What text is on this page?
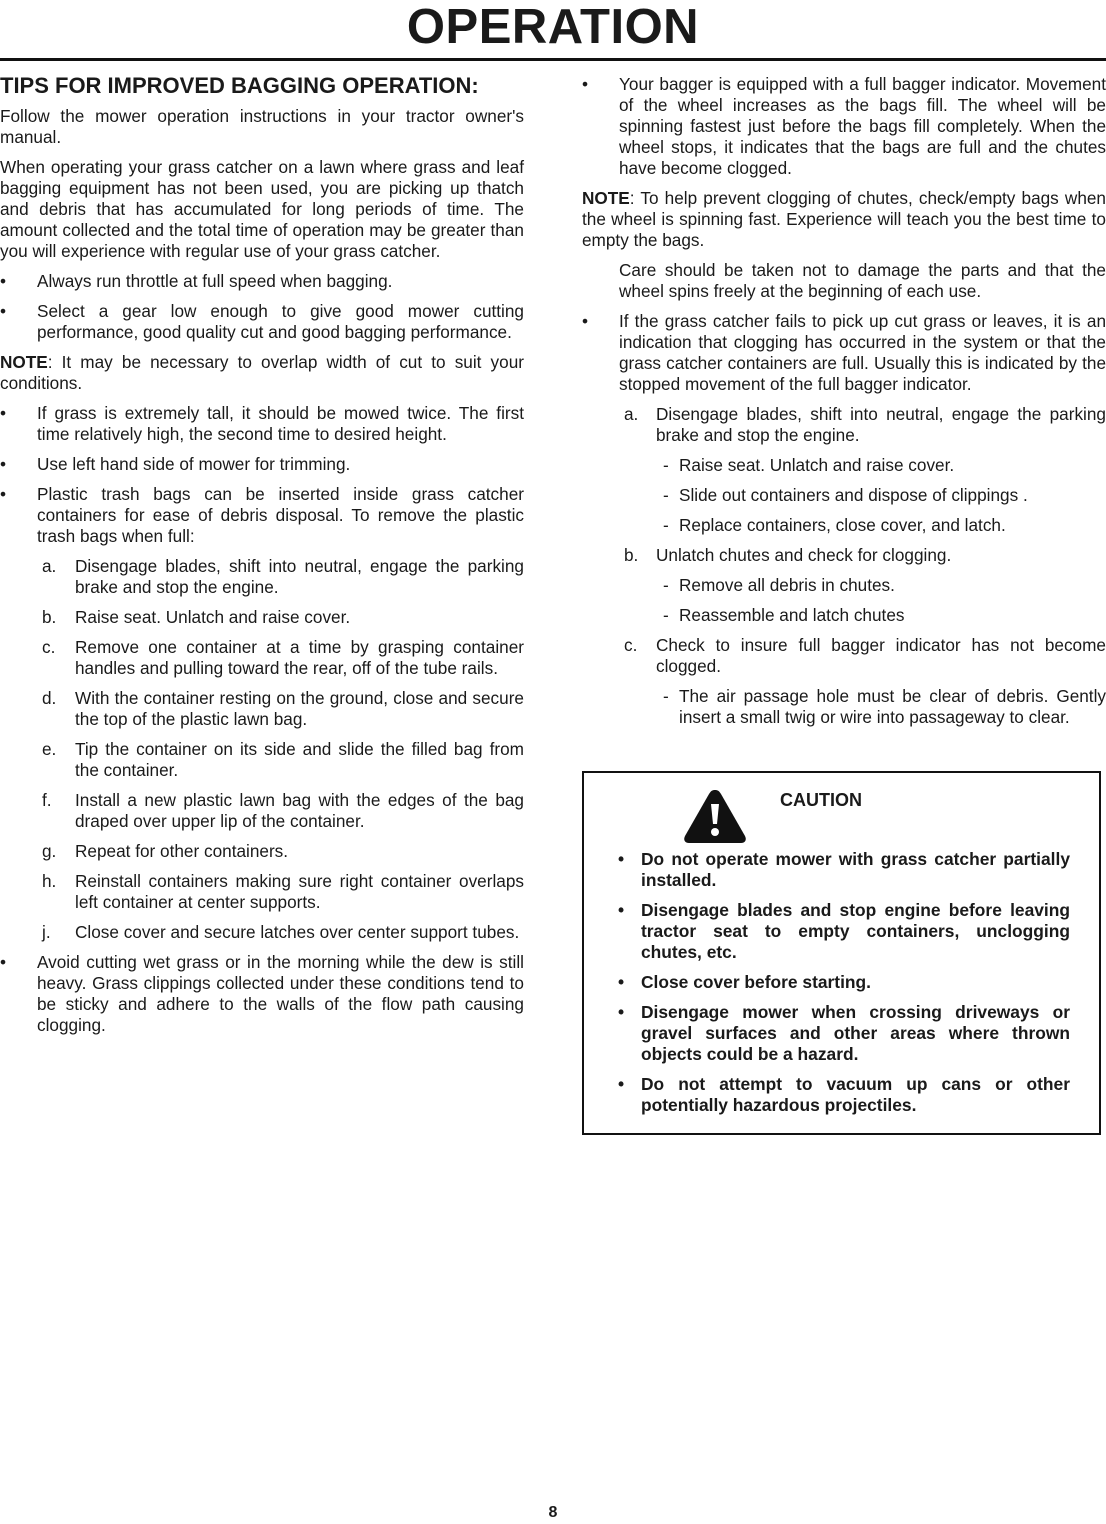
OPERATION
TIPS FOR IMPROVED BAGGING OPERATION:

Follow the mower operation instructions in your tractor owner's manual.

When operating your grass catcher on a lawn where grass and leaf bagging equipment has not been used, you are picking up thatch and debris that has accumulated for long periods of time. The amount collected and the total time of operation may be greater than you will experience with regular use of your grass catcher.

• Always run throttle at full speed when bagging.
• Select a gear low enough to give good mower cutting performance, good quality cut and good bagging performance.

NOTE: It may be necessary to overlap width of cut to suit your conditions.

• If grass is extremely tall, it should be mowed twice. The first time relatively high, the second time to desired height.
• Use left hand side of mower for trimming.
• Plastic trash bags can be inserted inside grass catcher containers for ease of debris disposal. To remove the plastic trash bags when full:
a. Disengage blades, shift into neutral, engage the parking brake and stop the engine.
b. Raise seat. Unlatch and raise cover.
c. Remove one container at a time by grasping container handles and pulling toward the rear, off of the tube rails.
d. With the container resting on the ground, close and secure the top of the plastic lawn bag.
e. Tip the container on its side and slide the filled bag from the container.
f. Install a new plastic lawn bag with the edges of the bag draped over upper lip of the container.
g. Repeat for other containers.
h. Reinstall containers making sure right container overlaps left container at center supports.
j. Close cover and secure latches over center support tubes.
• Avoid cutting wet grass or in the morning while the dew is still heavy. Grass clippings collected under these conditions tend to be sticky and adhere to the walls of the flow path causing clogging.
• Your bagger is equipped with a full bagger indicator. Movement of the wheel increases as the bags fill. The wheel will be spinning fastest just before the bags fill completely. When the wheel stops, it indicates that the bags are full and the chutes have become clogged.

NOTE: To help prevent clogging of chutes, check/empty bags when the wheel is spinning fast. Experience will teach you the best time to empty the bags.

Care should be taken not to damage the parts and that the wheel spins freely at the beginning of each use.

• If the grass catcher fails to pick up cut grass or leaves, it is an indication that clogging has occurred in the system or that the grass catcher containers are full. Usually this is indicated by the stopped movement of the full bagger indicator.
a. Disengage blades, shift into neutral, engage the parking brake and stop the engine.
- Raise seat. Unlatch and raise cover.
- Slide out containers and dispose of clippings .
- Replace containers, close cover, and latch.
b. Unlatch chutes and check for clogging.
- Remove all debris in chutes.
- Reassemble and latch chutes
c. Check to insure full bagger indicator has not become clogged.
- The air passage hole must be clear of debris. Gently insert a small twig or wire into passageway to clear.
CAUTION
• Do not operate mower with grass catcher partially installed.
• Disengage blades and stop engine before leaving tractor seat to empty containers, unclogging chutes, etc.
• Close cover before starting.
• Disengage mower when crossing driveways or gravel surfaces and other areas where thrown objects could be a hazard.
• Do not attempt to vacuum up cans or other potentially hazardous projectiles.
8
